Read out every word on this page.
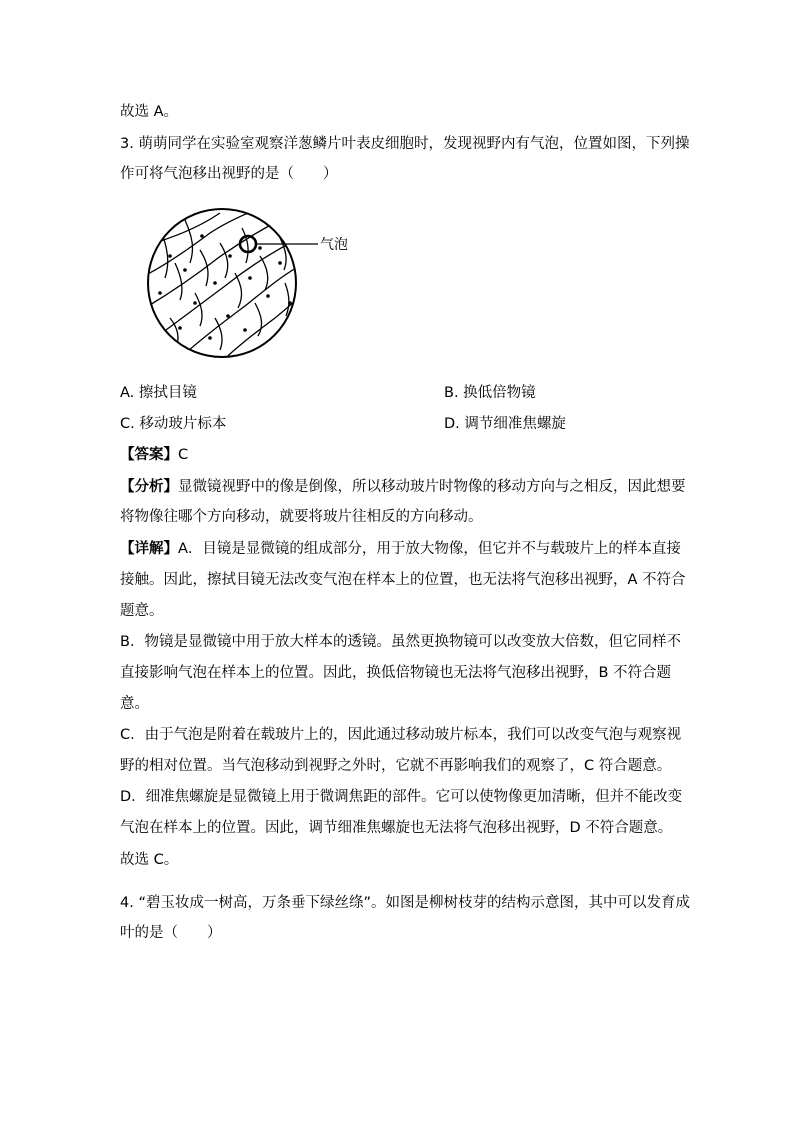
故选 A。
3. 萌萌同学在实验室观察洋葱鳞片叶表皮细胞时，发现视野内有气泡，位置如图，下列操
作可将气泡移出视野的是（　　）
气泡
A. 擦拭目镜	B. 换低倍物镜
C. 移动玻片标本	D. 调节细准焦螺旋
【答案】C
【分析】显微镜视野中的像是倒像，所以移动玻片时物像的移动方向与之相反，因此想要
将物像往哪个方向移动，就要将玻片往相反的方向移动。
【详解】A．目镜是显微镜的组成部分，用于放大物像，但它并不与载玻片上的样本直接
接触。因此，擦拭目镜无法改变气泡在样本上的位置，也无法将气泡移出视野，A 不符合
题意。
B．物镜是显微镜中用于放大样本的透镜。虽然更换物镜可以改变放大倍数，但它同样不
直接影响气泡在样本上的位置。因此，换低倍物镜也无法将气泡移出视野，B 不符合题
意。
C．由于气泡是附着在载玻片上的，因此通过移动玻片标本，我们可以改变气泡与观察视
野的相对位置。当气泡移动到视野之外时，它就不再影响我们的观察了，C 符合题意。
D．细准焦螺旋是显微镜上用于微调焦距的部件。它可以使物像更加清晰，但并不能改变
气泡在样本上的位置。因此，调节细准焦螺旋也无法将气泡移出视野，D 不符合题意。
故选 C。
4. “碧玉妆成一树高，万条垂下绿丝绦”。如图是柳树枝芽的结构示意图，其中可以发育成
叶的是（　　）
